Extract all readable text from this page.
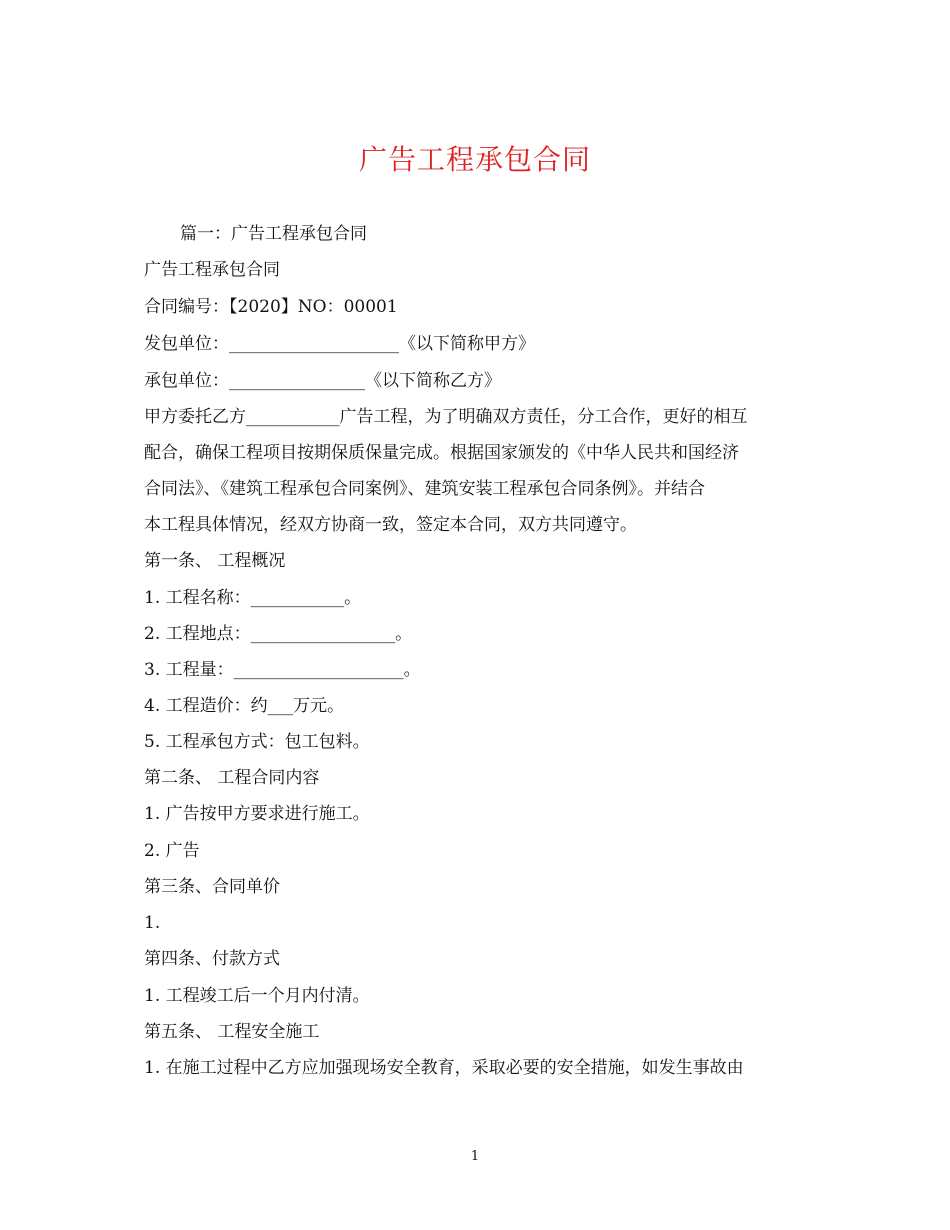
广告工程承包合同
篇一：广告工程承包合同
广告工程承包合同
合同编号：【2020】NO：00001
发包单位：____________________《以下简称甲方》
承包单位：________________《以下简称乙方》
甲方委托乙方___________广告工程，为了明确双方责任，分工合作，更好的相互
配合，确保工程项目按期保质保量完成。根据国家颁发的《中华人民共和国经济
合同法》、《建筑工程承包合同案例》、建筑安装工程承包合同条例》。并结合
本工程具体情况，经双方协商一致，签定本合同，双方共同遵守。
第一条、 工程概况
1. 工程名称：___________。
2. 工程地点：_________________。
3. 工程量：____________________。
4. 工程造价：约___万元。
5. 工程承包方式：包工包料。
第二条、 工程合同内容
1. 广告按甲方要求进行施工。
2. 广告
第三条、合同单价
1.
第四条、付款方式
1. 工程竣工后一个月内付清。
第五条、 工程安全施工
1. 在施工过程中乙方应加强现场安全教育，采取必要的安全措施，如发生事故由
1
